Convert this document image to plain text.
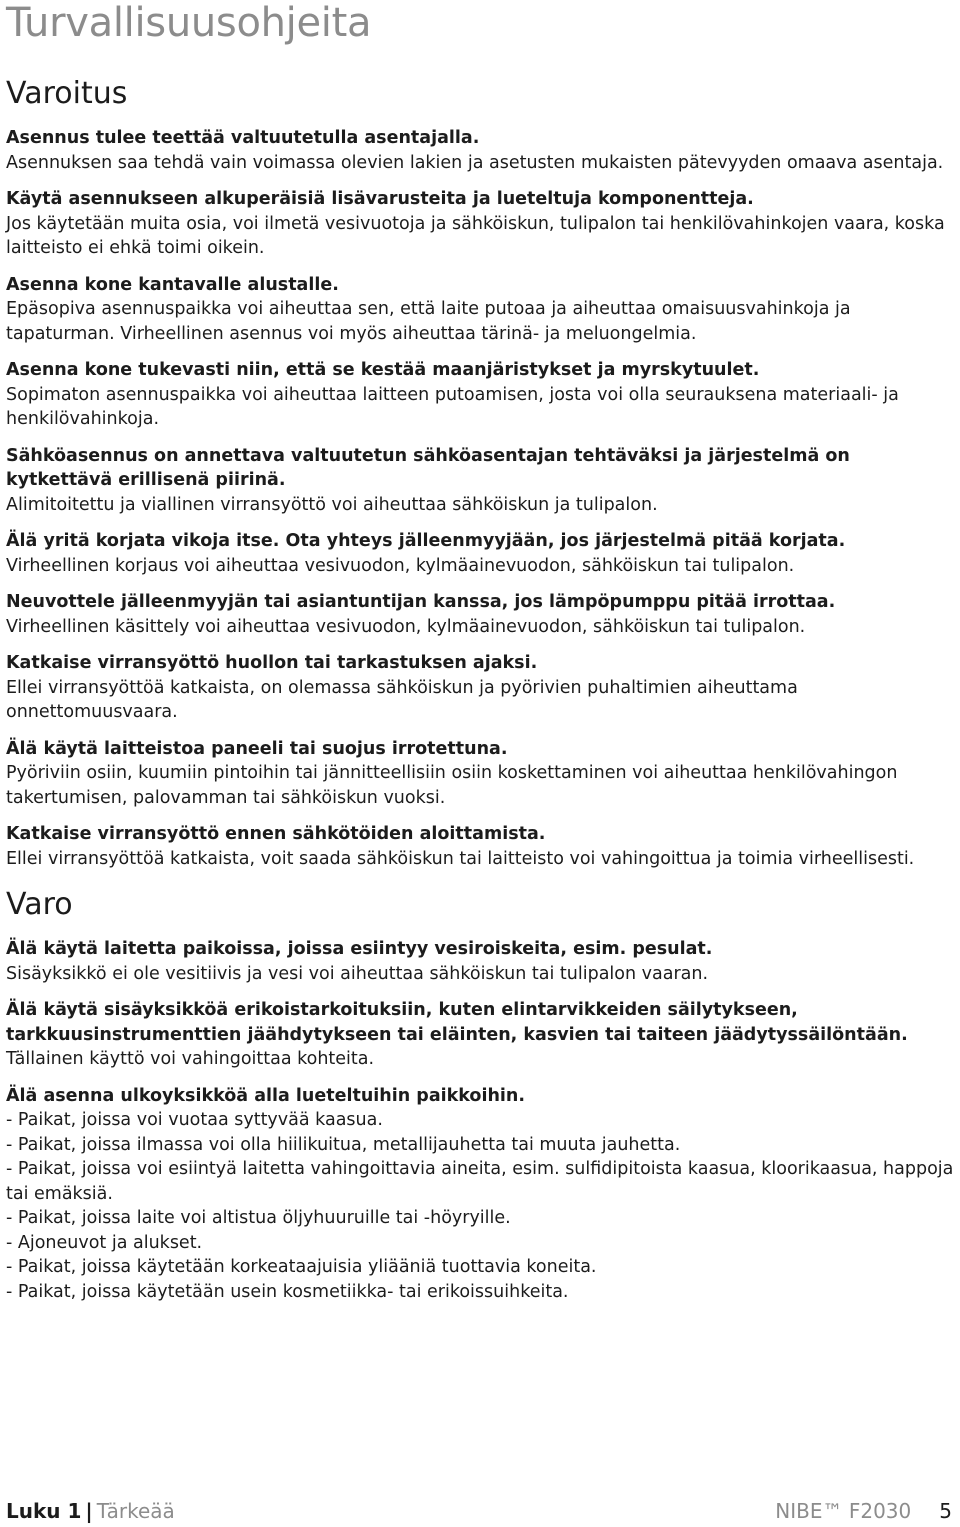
Turvallisuusohjeita
Varoitus
Asennus tulee teettää valtuutetulla asentajalla.
Asennuksen saa tehdä vain voimassa olevien lakien ja asetusten mukaisten pätevyyden omaava asentaja.
Käytä asennukseen alkuperäisiä lisävarusteita ja lueteltuja komponentteja.
Jos käytetään muita osia, voi ilmetä vesivuotoja ja sähköiskun, tulipalon tai henkilövahinkojen vaara, koska laitteisto ei ehkä toimi oikein.
Asenna kone kantavalle alustalle.
Epäsopiva asennuspaikka voi aiheuttaa sen, että laite putoaa ja aiheuttaa omaisuusvahinkoja ja tapaturman. Virheellinen asennus voi myös aiheuttaa tärinä- ja meluongelmia.
Asenna kone tukevasti niin, että se kestää maanjäristykset ja myrskytuulet.
Sopimaton asennuspaikka voi aiheuttaa laitteen putoamisen, josta voi olla seurauksena materiaali- ja henkilövahinkoja.
Sähköasennus on annettava valtuutetun sähköasentajan tehtäväksi ja järjestelmä on kytkettävä erillisenä piirinä.
Alimitoitettu ja viallinen virransyöttö voi aiheuttaa sähköiskun ja tulipalon.
Älä yritä korjata vikoja itse. Ota yhteys jälleenmyyjään, jos järjestelmä pitää korjata.
Virheellinen korjaus voi aiheuttaa vesivuodon, kylmäainevuodon, sähköiskun tai tulipalon.
Neuvottele jälleenmyyjän tai asiantuntijan kanssa, jos lämpöpumppu pitää irrottaa.
Virheellinen käsittely voi aiheuttaa vesivuodon, kylmäainevuodon, sähköiskun tai tulipalon.
Katkaise virransyöttö huollon tai tarkastuksen ajaksi.
Ellei virransyöttöä katkaista, on olemassa sähköiskun ja pyörivien puhaltimien aiheuttama onnettomuusvaara.
Älä käytä laitteistoa paneeli tai suojus irrotettuna.
Pyöriviin osiin, kuumiin pintoihin tai jännitteellisiin osiin koskettaminen voi aiheuttaa henkilövahingon takertumisen, palovamman tai sähköiskun vuoksi.
Katkaise virransyöttö ennen sähkötöiden aloittamista.
Ellei virransyöttöä katkaista, voit saada sähköiskun tai laitteisto voi vahingoittua ja toimia virheellisesti.
Varo
Älä käytä laitetta paikoissa, joissa esiintyy vesiroiskeita, esim. pesulat.
Sisäyksikkö ei ole vesitiivis ja vesi voi aiheuttaa sähköiskun tai tulipalon vaaran.
Älä käytä sisäyksikköä erikoistarkoituksiin, kuten elintarvikkeiden säilytykseen, tarkkuusinstrumenttien jäähdytykseen tai eläinten, kasvien tai taiteen jäädytyssäilöntään.
Tällainen käyttö voi vahingoittaa kohteita.
Älä asenna ulkoyksikköä alla lueteltuihin paikkoihin.
- Paikat, joissa voi vuotaa syttyvää kaasua.
- Paikat, joissa ilmassa voi olla hiilikuitua, metallijauhetta tai muuta jauhetta.
- Paikat, joissa voi esiintyä laitetta vahingoittavia aineita, esim. sulfidipitoista kaasua, kloorikaasua, happoja tai emäksiä.
- Paikat, joissa laite voi altistua öljyhuuruille tai -höyryille.
- Ajoneuvot ja alukset.
- Paikat, joissa käytetään korkeataajuisia yliääniä tuottavia koneita.
- Paikat, joissa käytetään usein kosmetiikka- tai erikoissuihkeita.
Luku 1 | Tärkeää	NIBE™ F2030 5
